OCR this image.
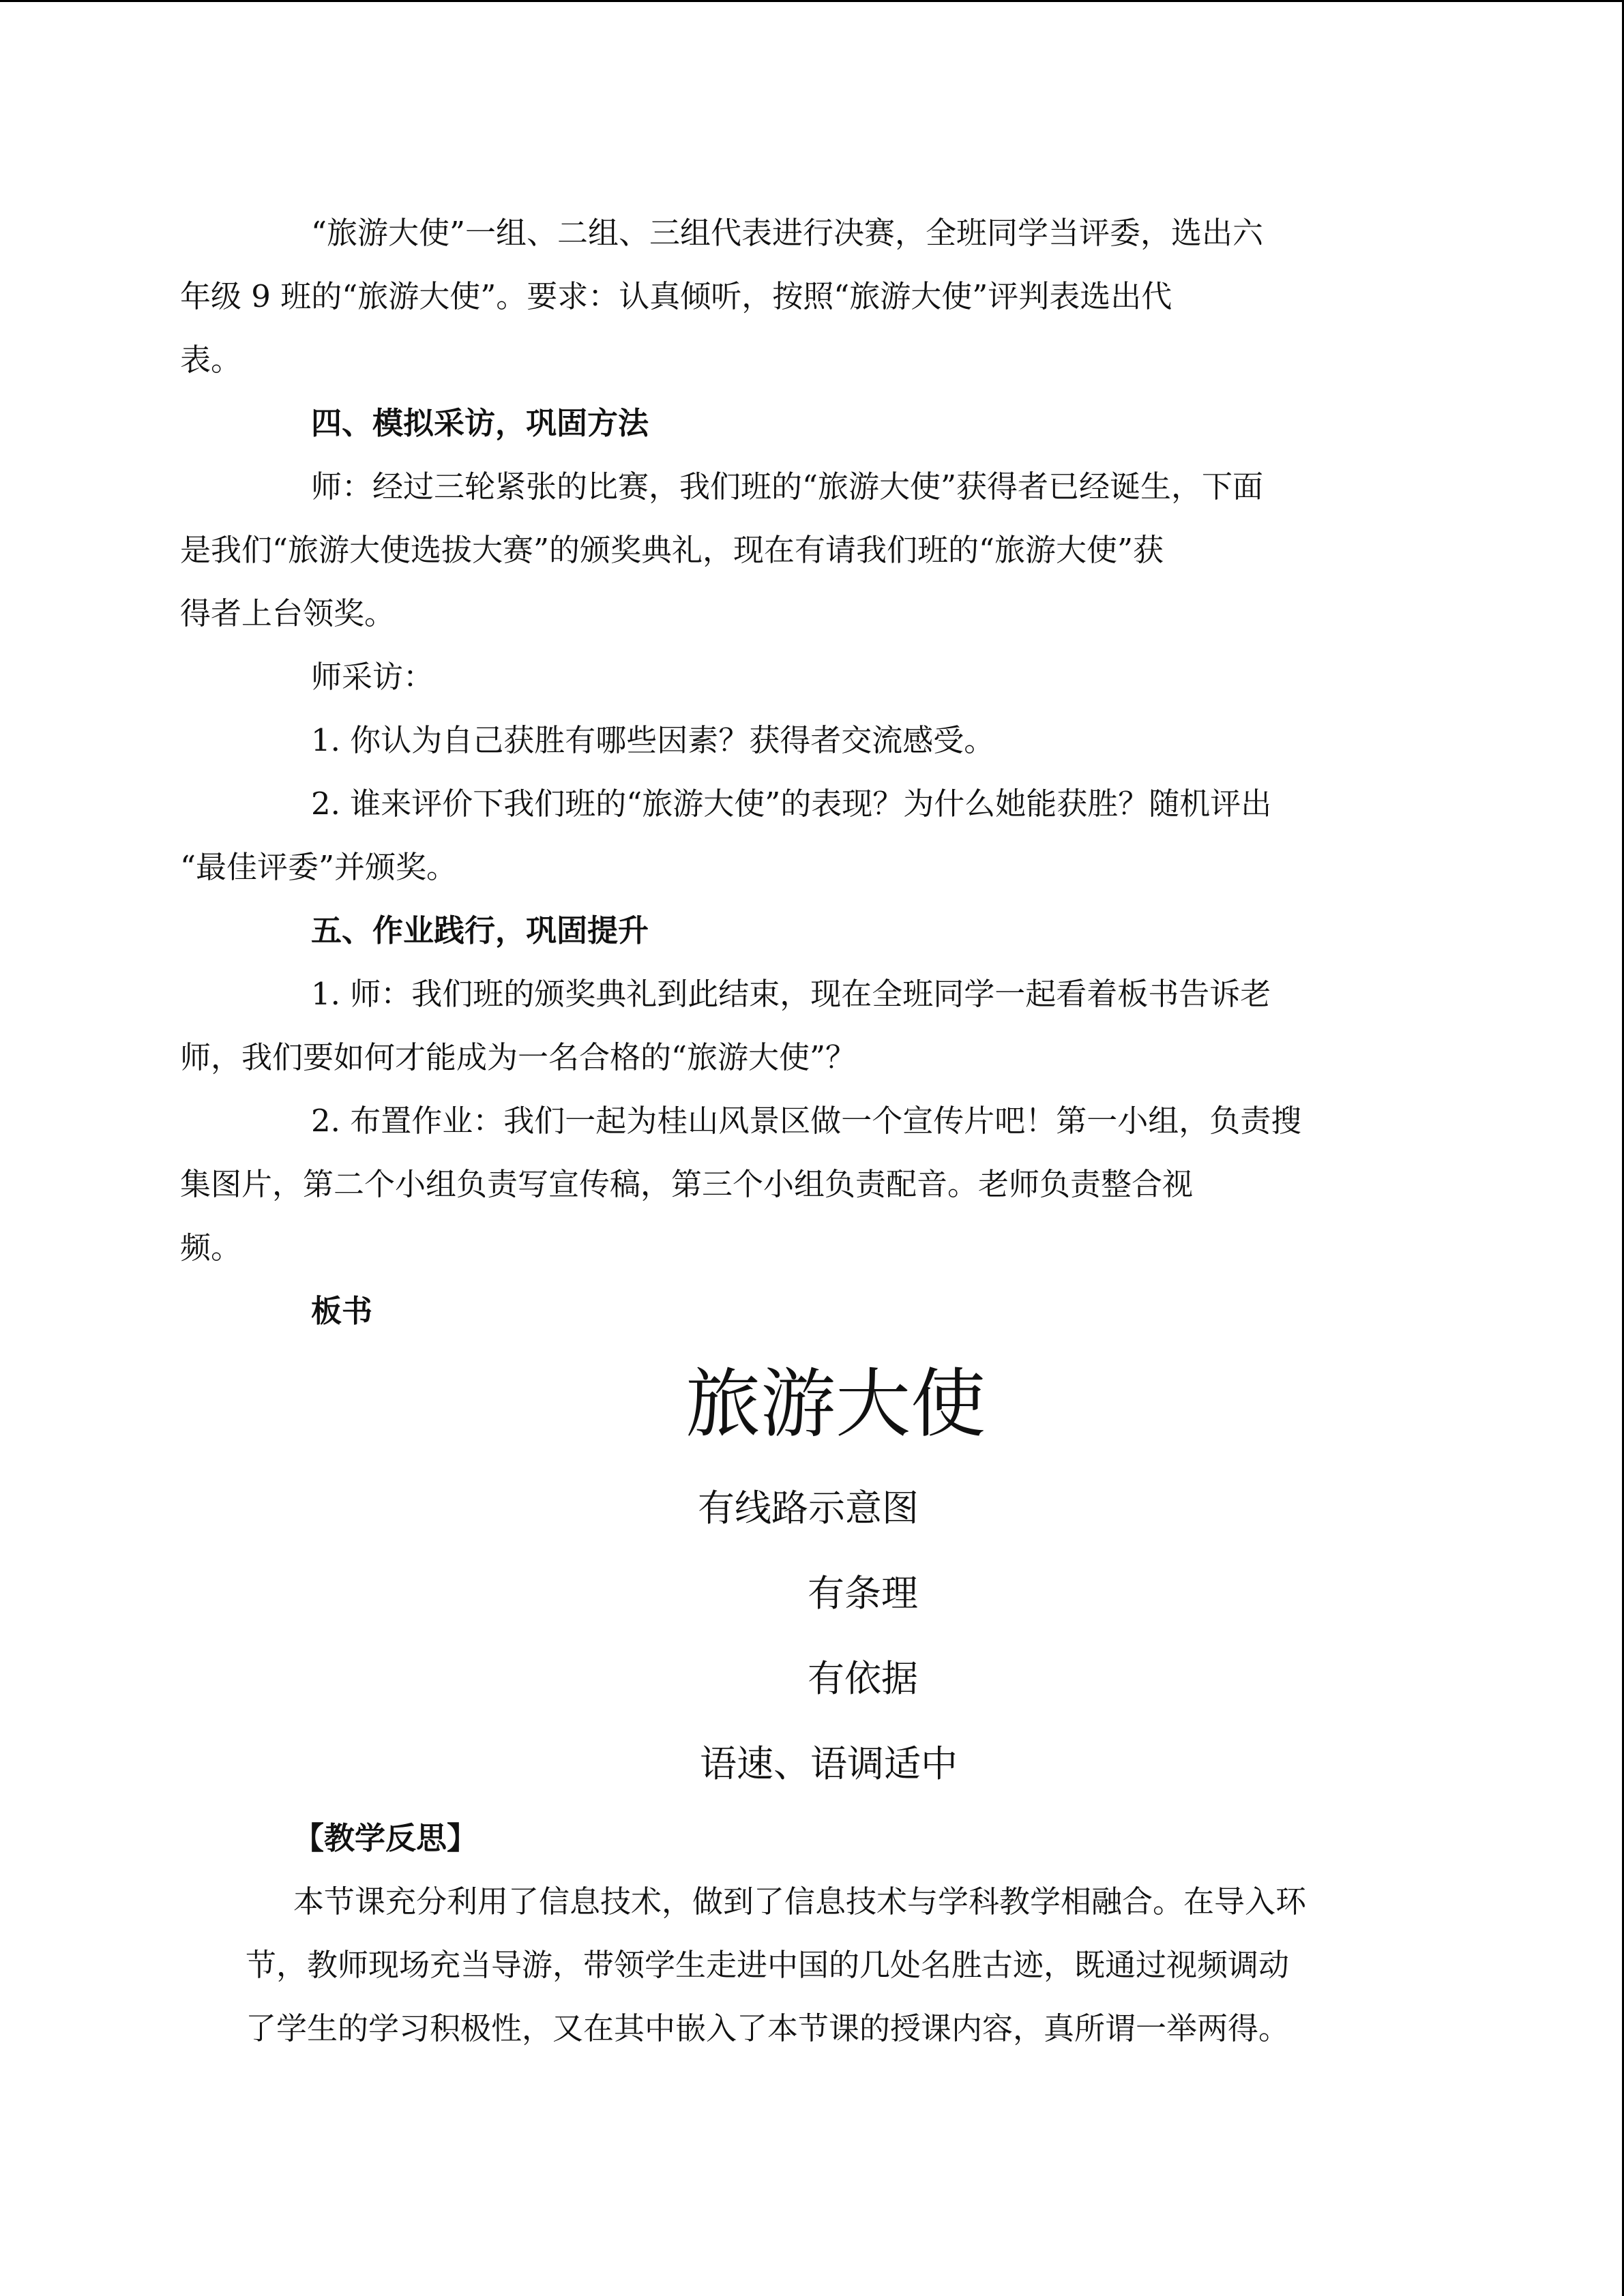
“旅游大使”一组、二组、三组代表进行决赛，全班同学当评委，选出六
年级 9 班的“旅游大使”。要求：认真倾听，按照“旅游大使”评判表选出代
表。

四、模拟采访，巩固方法

师：经过三轮紧张的比赛，我们班的“旅游大使”获得者已经诞生，下面
是我们“旅游大使选拔大赛”的颁奖典礼，现在有请我们班的“旅游大使”获
得者上台领奖。

师采访：

1. 你认为自己获胜有哪些因素？获得者交流感受。

2. 谁来评价下我们班的“旅游大使”的表现？为什么她能获胜？随机评出
“最佳评委”并颁奖。

五、作业践行，巩固提升

1. 师：我们班的颁奖典礼到此结束，现在全班同学一起看着板书告诉老
师，我们要如何才能成为一名合格的“旅游大使”？

2. 布置作业：我们一起为桂山风景区做一个宣传片吧！第一小组，负责搜
集图片，第二个小组负责写宣传稿，第三个小组负责配音。老师负责整合视
频。

板书

旅游大使

有线路示意图

有条理

有依据

语速、语调适中

【教学反思】

本节课充分利用了信息技术，做到了信息技术与学科教学相融合。在导入环
节，教师现场充当导游，带领学生走进中国的几处名胜古迹，既通过视频调动
了学生的学习积极性，又在其中嵌入了本节课的授课内容，真所谓一举两得。
